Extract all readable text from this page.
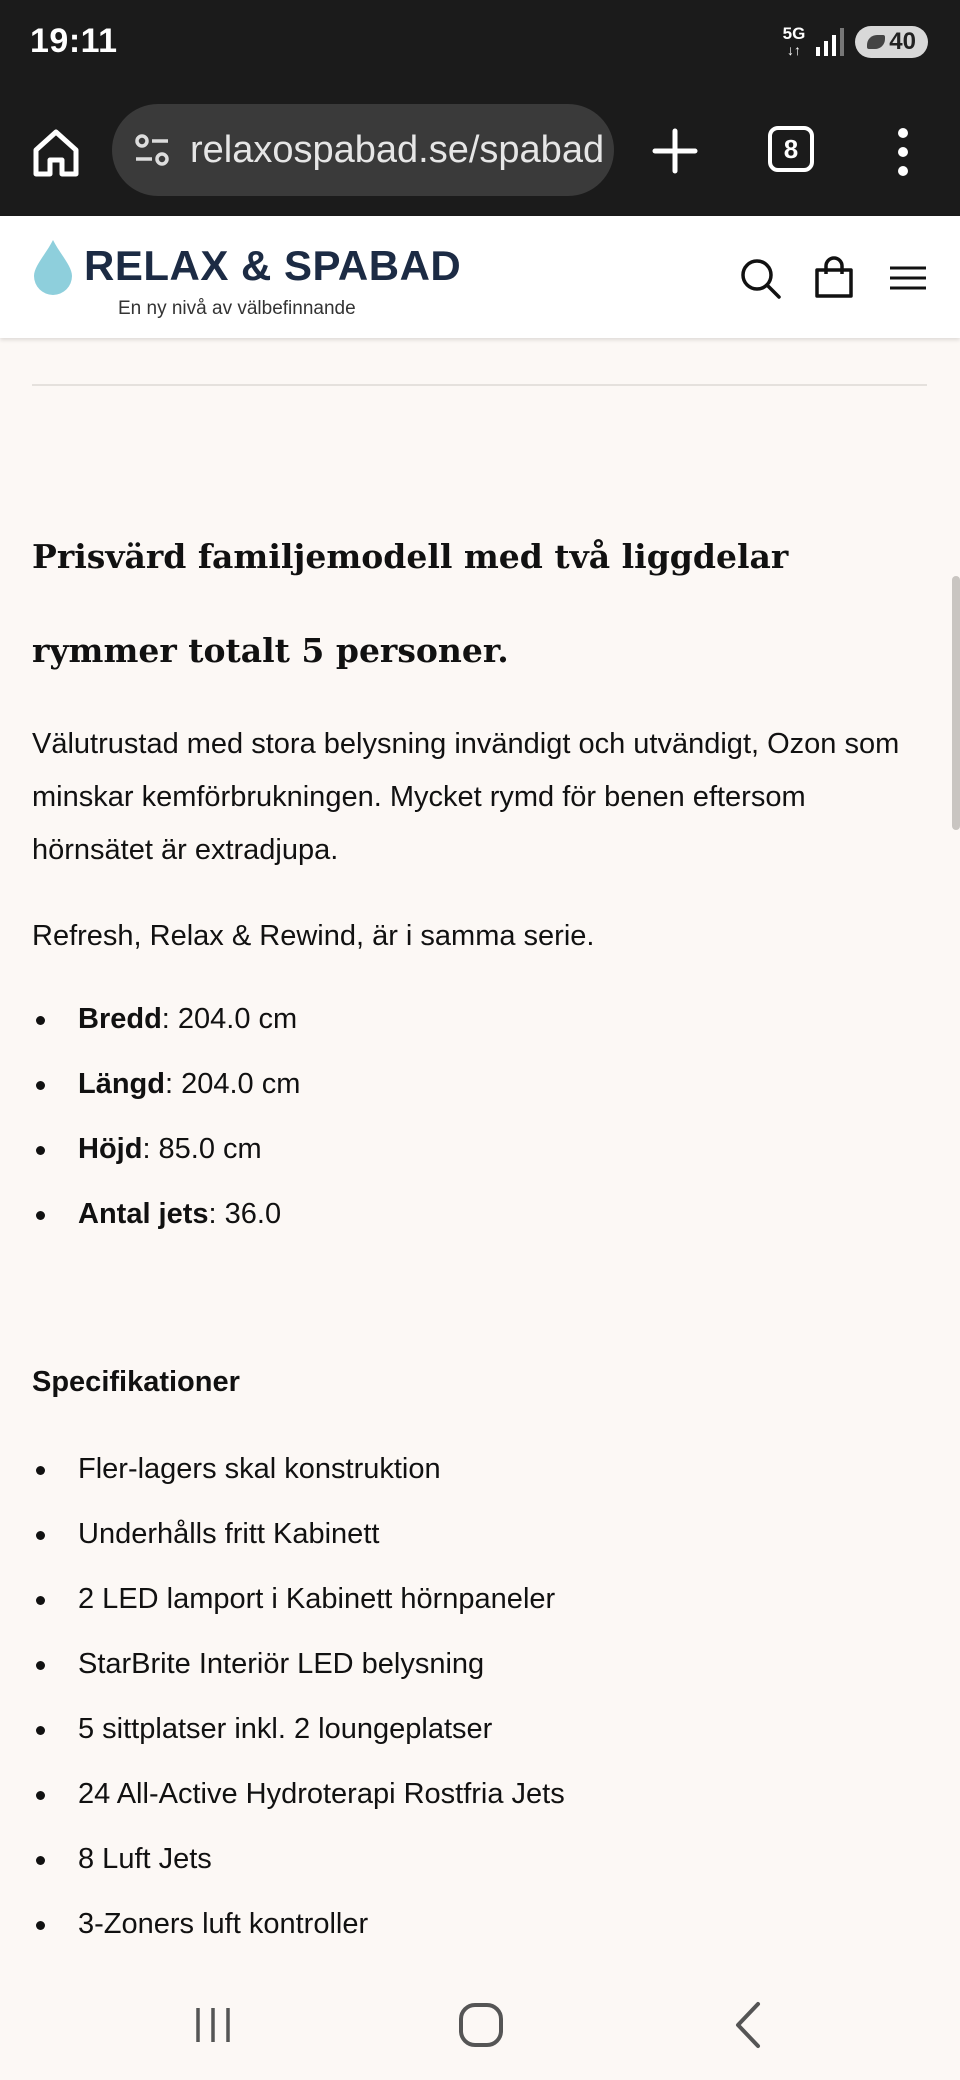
19:11	5G
↓↑	40
relaxospabad.se/spabad	8
RELAX & SPABAD
En ny nivå av välbefinnande
Prisvärd familjemodell med två liggdelar rymmer totalt 5 personer.

Välutrustad med stora belysning invändigt och utvändigt, Ozon som minskar kemförbrukningen. Mycket rymd för benen eftersom hörnsätet är extradjupa.

Refresh, Relax & Rewind, är i samma serie.

Bredd: 204.0 cm
Längd: 204.0 cm
Höjd: 85.0 cm
Antal jets: 36.0
Specifikationer
Fler-lagers skal konstruktion
Underhålls fritt Kabinett
2 LED lamport i Kabinett hörnpaneler
StarBrite Interiör LED belysning
5 sittplatser inkl. 2 loungeplatser
24 All-Active Hydroterapi Rostfria Jets
8 Luft Jets
3-Zoners luft kontroller
